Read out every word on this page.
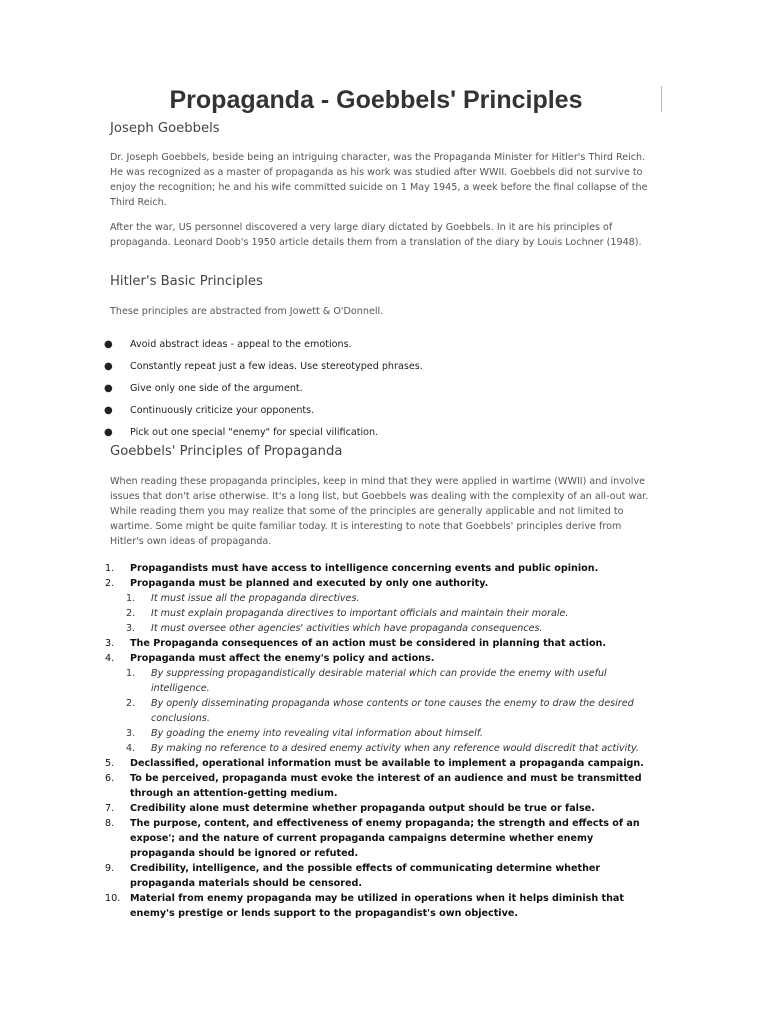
Propaganda - Goebbels' Principles
Joseph Goebbels

Dr. Joseph Goebbels, beside being an intriguing character, was the Propaganda Minister for Hitler's Third Reich. He was recognized as a master of propaganda as his work was studied after WWII. Goebbels did not survive to enjoy the recognition; he and his wife committed suicide on 1 May 1945, a week before the final collapse of the Third Reich.

After the war, US personnel discovered a very large diary dictated by Goebbels. In it are his principles of propaganda. Leonard Doob's 1950 article details them from a translation of the diary by Louis Lochner (1948).

Hitler's Basic Principles

These principles are abstracted from Jowett & O'Donnell.

● Avoid abstract ideas - appeal to the emotions.
● Constantly repeat just a few ideas. Use stereotyped phrases.
● Give only one side of the argument.
● Continuously criticize your opponents.
● Pick out one special "enemy" for special vilification.
Goebbels' Principles of Propaganda

When reading these propaganda principles, keep in mind that they were applied in wartime (WWII) and involve issues that don't arise otherwise. It's a long list, but Goebbels was dealing with the complexity of an all-out war. While reading them you may realize that some of the principles are generally applicable and not limited to wartime. Some might be quite familiar today. It is interesting to note that Goebbels' principles derive from Hitler's own ideas of propaganda.

1. Propagandists must have access to intelligence concerning events and public opinion.
2. Propaganda must be planned and executed by only one authority.
1. It must issue all the propaganda directives.
2. It must explain propaganda directives to important officials and maintain their morale.
3. It must oversee other agencies' activities which have propaganda consequences.
3. The Propaganda consequences of an action must be considered in planning that action.
4. Propaganda must affect the enemy's policy and actions.
1. By suppressing propagandistically desirable material which can provide the enemy with useful intelligence.
2. By openly disseminating propaganda whose contents or tone causes the enemy to draw the desired conclusions.
3. By goading the enemy into revealing vital information about himself.
4. By making no reference to a desired enemy activity when any reference would discredit that activity.
5. Declassified, operational information must be available to implement a propaganda campaign.
6. To be perceived, propaganda must evoke the interest of an audience and must be transmitted through an attention-getting medium.
7. Credibility alone must determine whether propaganda output should be true or false.
8. The purpose, content, and effectiveness of enemy propaganda; the strength and effects of an expose'; and the nature of current propaganda campaigns determine whether enemy propaganda should be ignored or refuted.
9. Credibility, intelligence, and the possible effects of communicating determine whether propaganda materials should be censored.
10. Material from enemy propaganda may be utilized in operations when it helps diminish that enemy's prestige or lends support to the propagandist's own objective.
